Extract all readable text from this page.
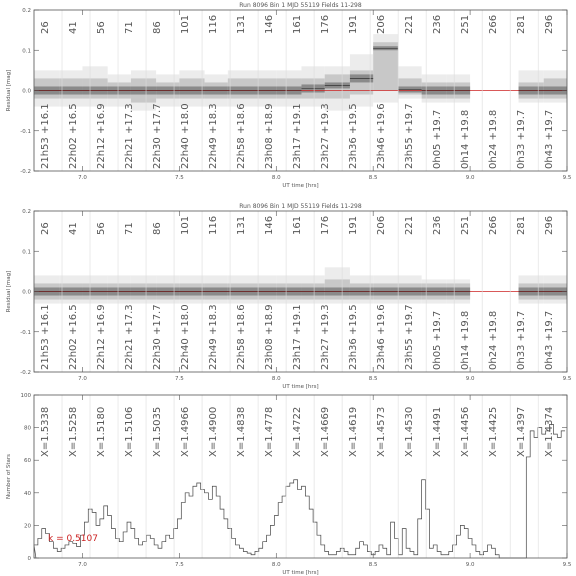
Run 8096 Bin 1 MJD 55119 Fields 11-298
26
21h53 +16.1
41
22h02 +16.5
56
22h12 +16.9
71
22h21 +17.3
86
22h30 +17.7
101
22h40 +18.0
116
22h49 +18.3
131
22h58 +18.6
146
23h08 +18.9
161
23h17 +19.1
176
23h27 +19.3
191
23h36 +19.5
206
23h46 +19.6
221
23h55 +19.7
236
0h05 +19.7
251
0h14 +19.8
266
0h24 +19.8
281
0h33 +19.7
296
0h43 +19.7
7.0	7.5	8.0	8.5	9.0	9.5
0.2
0.1
0.0
-0.1
-0.2
UT time [hrs]
Residual [mag]
Run 8096 Bin 1 MJD 55119 Fields 11-298
26
21h53 +16.1
41
22h02 +16.5
56
22h12 +16.9
71
22h21 +17.3
86
22h30 +17.7
101
22h40 +18.0
116
22h49 +18.3
131
22h58 +18.6
146
23h08 +18.9
161
23h17 +19.1
176
23h27 +19.3
191
23h36 +19.5
206
23h46 +19.6
221
23h55 +19.7
236
0h05 +19.7
251
0h14 +19.8
266
0h24 +19.8
281
0h33 +19.7
296
0h43 +19.7
7.0	7.5	8.0	8.5	9.0	9.5
0.2
0.1
0.0
-0.1
-0.2
UT time [hrs]
Residual [mag]
X=1.5338 X=1.5258 X=1.5180 X=1.5106 X=1.5035 X=1.4966 X=1.4900 X=1.4838 X=1.4778 X=1.4722 X=1.4669 X=1.4619 X=1.4573 X=1.4530 X=1.4491 X=1.4456 X=1.4425 X=1.4397 X=1.4374
k = 0.5107
7.0	7.5	8.0	8.5	9.0	9.5
100
80
60
40
20
0
UT time [hrs]
Number of Stars
